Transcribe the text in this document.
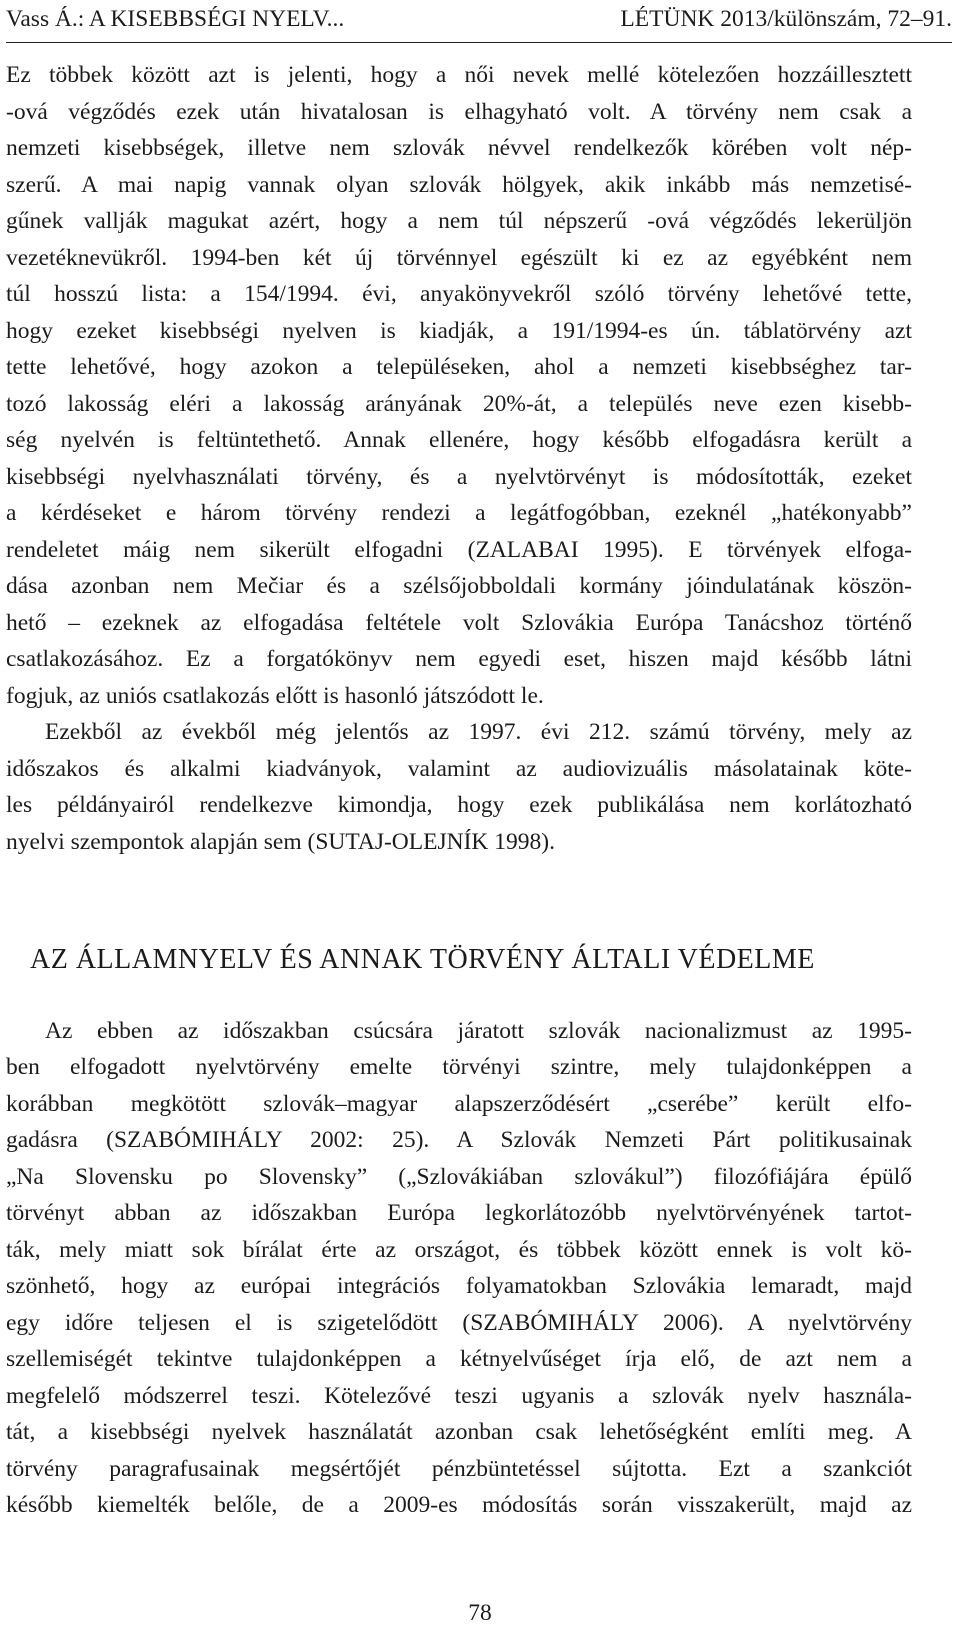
Vass Á.: A KISEBBSÉGI NYELV...	LÉTÜNK 2013/különszám, 72–91.
Ez többek között azt is jelenti, hogy a női nevek mellé kötelezően hozzáillesztett
-ová végződés ezek után hivatalosan is elhagyható volt. A törvény nem csak a
nemzeti kisebbségek, illetve nem szlovák névvel rendelkezők körében volt nép-
szerű. A mai napig vannak olyan szlovák hölgyek, akik inkább más nemzetisé-
gűnek vallják magukat azért, hogy a nem túl népszerű -ová végződés lekerüljön
vezetéknevükről. 1994-ben két új törvénnyel egészült ki ez az egyébként nem
túl hosszú lista: a 154/1994. évi, anyakönyvekről szóló törvény lehetővé tette,
hogy ezeket kisebbségi nyelven is kiadják, a 191/1994-es ún. táblatörvény azt
tette lehetővé, hogy azokon a településeken, ahol a nemzeti kisebbséghez tar-
tozó lakosság eléri a lakosság arányának 20%-át, a település neve ezen kisebb-
ség nyelvén is feltüntethető. Annak ellenére, hogy később elfogadásra került a
kisebbségi nyelvhasználati törvény, és a nyelvtörvényt is módosították, ezeket
a kérdéseket e három törvény rendezi a legátfogóbban, ezeknél „hatékonyabb”
rendeletet máig nem sikerült elfogadni (ZALABAI 1995). E törvények elfoga-
dása azonban nem Mečiar és a szélsőjobboldali kormány jóindulatának köszön-
hető – ezeknek az elfogadása feltétele volt Szlovákia Európa Tanácshoz történő
csatlakozásához. Ez a forgatókönyv nem egyedi eset, hiszen majd később látni
fogjuk, az uniós csatlakozás előtt is hasonló játszódott le.
Ezekből az évekből még jelentős az 1997. évi 212. számú törvény, mely az
időszakos és alkalmi kiadványok, valamint az audiovizuális másolatainak köte-
les példányairól rendelkezve kimondja, hogy ezek publikálása nem korlátozható
nyelvi szempontok alapján sem (SUTAJ-OLEJNÍK 1998).
AZ ÁLLAMNYELV ÉS ANNAK TÖRVÉNY ÁLTALI VÉDELME
Az ebben az időszakban csúcsára járatott szlovák nacionalizmust az 1995-
ben elfogadott nyelvtörvény emelte törvényi szintre, mely tulajdonképpen a
korábban megkötött szlovák–magyar alapszerződésért „cserébe” került elfo-
gadásra (SZABÓMIHÁLY 2002: 25). A Szlovák Nemzeti Párt politikusainak
„Na Slovensku po Slovensky” („Szlovákiában szlovákul”) filozófiájára épülő
törvényt abban az időszakban Európa legkorlátozóbb nyelvtörvényének tartot-
ták, mely miatt sok bírálat érte az országot, és többek között ennek is volt kö-
szönhető, hogy az európai integrációs folyamatokban Szlovákia lemaradt, majd
egy időre teljesen el is szigetelődött (SZABÓMIHÁLY 2006). A nyelvtörvény
szellemiségét tekintve tulajdonképpen a kétnyelvűséget írja elő, de azt nem a
megfelelő módszerrel teszi. Kötelezővé teszi ugyanis a szlovák nyelv használa-
tát, a kisebbségi nyelvek használatát azonban csak lehetőségként említi meg. A
törvény paragrafusainak megsértőjét pénzbüntetéssel sújtotta. Ezt a szankciót
később kiemelték belőle, de a 2009-es módosítás során visszakerült, majd az
78
